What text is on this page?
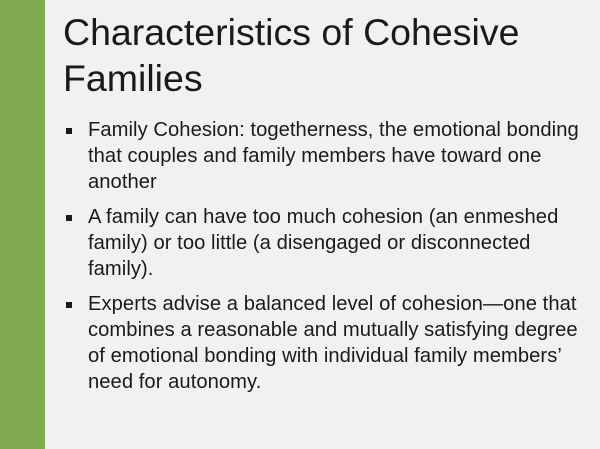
Characteristics of Cohesive Families
Family Cohesion: togetherness, the emotional bonding that couples and family members have toward one another
A family can have too much cohesion (an enmeshed family) or too little (a disengaged or disconnected family).
Experts advise a balanced level of cohesion—one that combines a reasonable and mutually satisfying degree of emotional bonding with individual family members’ need for autonomy.
